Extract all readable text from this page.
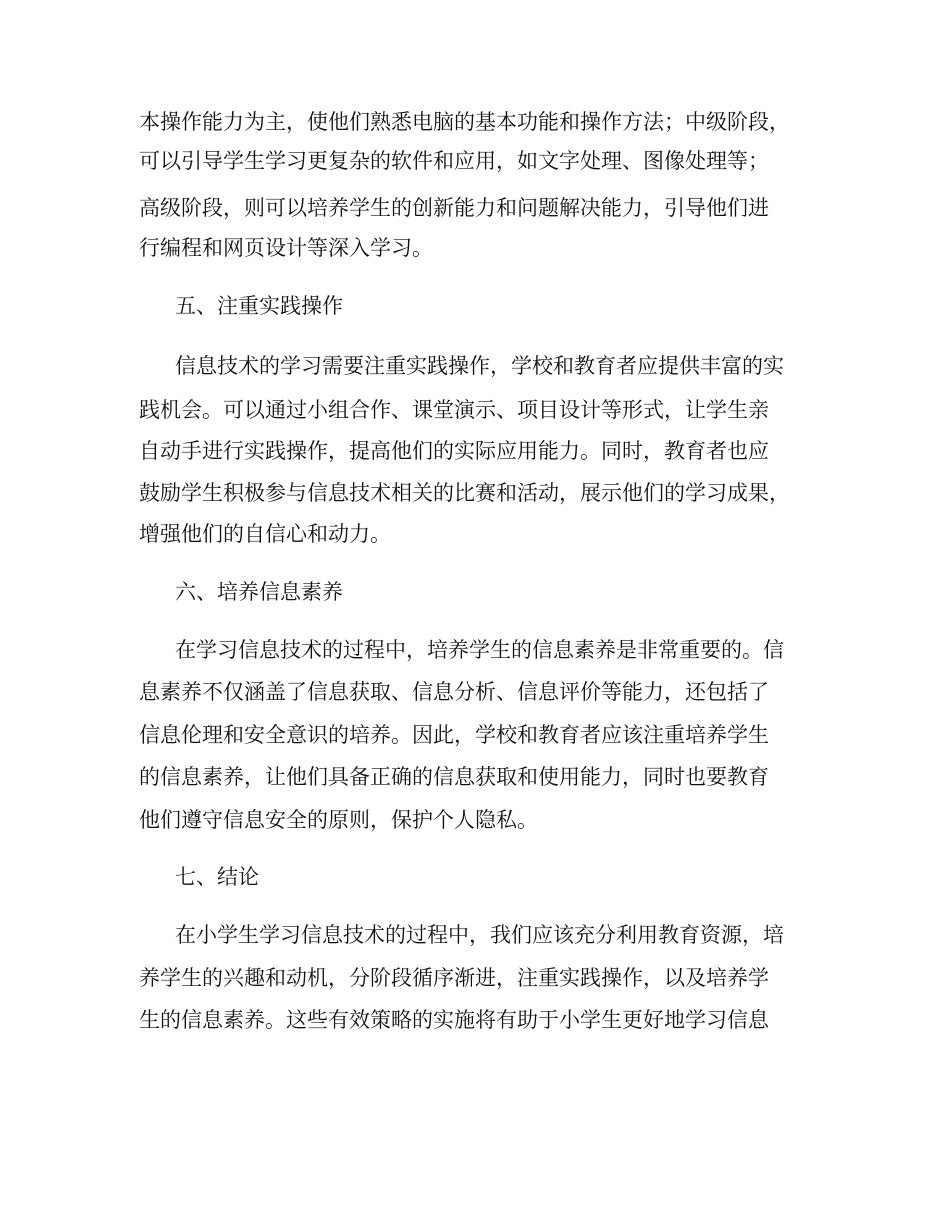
本操作能力为主，使他们熟悉电脑的基本功能和操作方法；中级阶段，
可以引导学生学习更复杂的软件和应用，如文字处理、图像处理等；
高级阶段，则可以培养学生的创新能力和问题解决能力，引导他们进
行编程和网页设计等深入学习。
五、注重实践操作
信息技术的学习需要注重实践操作，学校和教育者应提供丰富的实
践机会。可以通过小组合作、课堂演示、项目设计等形式，让学生亲
自动手进行实践操作，提高他们的实际应用能力。同时，教育者也应
鼓励学生积极参与信息技术相关的比赛和活动，展示他们的学习成果，
增强他们的自信心和动力。
六、培养信息素养
在学习信息技术的过程中，培养学生的信息素养是非常重要的。信
息素养不仅涵盖了信息获取、信息分析、信息评价等能力，还包括了
信息伦理和安全意识的培养。因此，学校和教育者应该注重培养学生
的信息素养，让他们具备正确的信息获取和使用能力，同时也要教育
他们遵守信息安全的原则，保护个人隐私。
七、结论
在小学生学习信息技术的过程中，我们应该充分利用教育资源，培
养学生的兴趣和动机，分阶段循序渐进，注重实践操作，以及培养学
生的信息素养。这些有效策略的实施将有助于小学生更好地学习信息
